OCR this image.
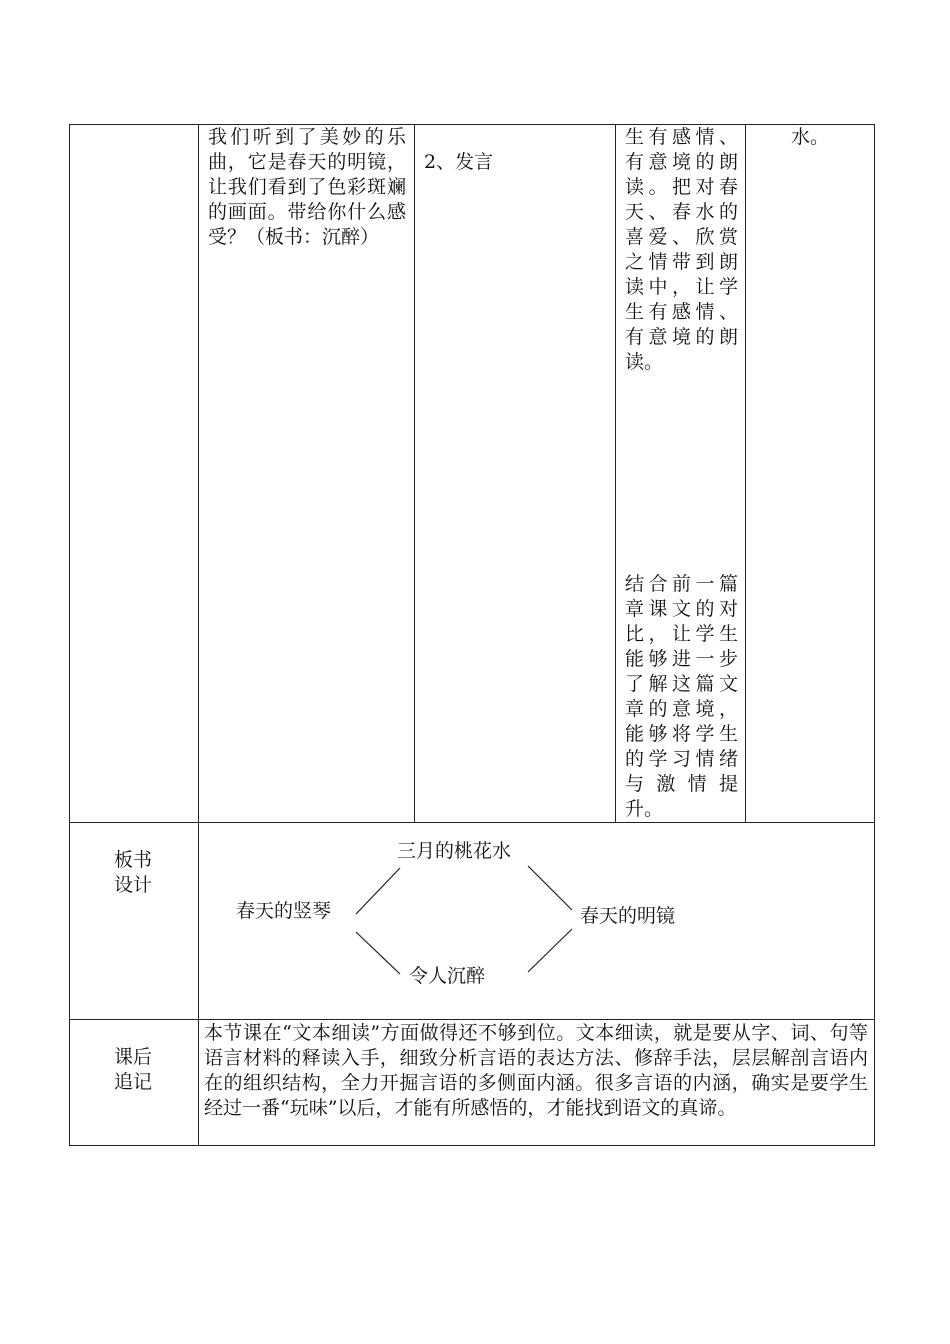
我们听到了美妙的乐曲，它是春天的明镜，让我们看到了色彩斑斓的画面。带给你什么感受？（板书：沉醉）
2、发言
生有感情、有意境的朗读。把对春天、春水的喜爱、欣赏之情带到朗读中，让学生有感情、有意境的朗读。
结合前一篇章课文的对比，让学生能够进一步了解这篇文章的意境，能够将学生的学习情绪与激情提升。
水。
板书
设计
三月的桃花水
春天的竖琴	春天的明镜
令人沉醉
课后
追记
本节课在“文本细读”方面做得还不够到位。文本细读，就是要从字、词、句等语言材料的释读入手，细致分析言语的表达方法、修辞手法，层层解剖言语内在的组织结构，全力开掘言语的多侧面内涵。很多言语的内涵，确实是要学生经过一番“玩味”以后，才能有所感悟的，才能找到语文的真谛。
